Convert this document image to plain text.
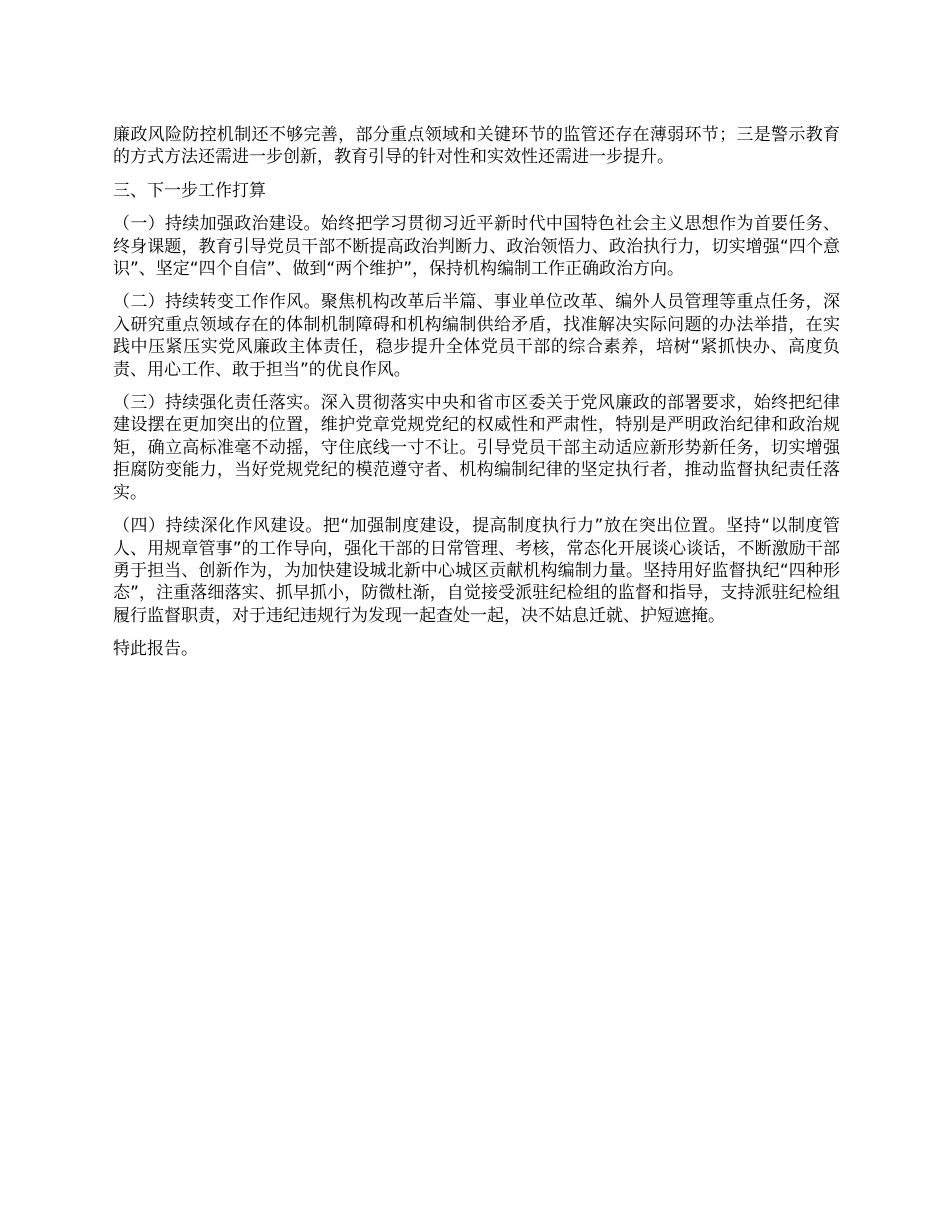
廉政风险防控机制还不够完善，部分重点领域和关键环节的监管还存在薄弱环节；三是警示教育的方式方法还需进一步创新，教育引导的针对性和实效性还需进一步提升。

三、下一步工作打算

（一）持续加强政治建设。始终把学习贯彻习近平新时代中国特色社会主义思想作为首要任务、终身课题，教育引导党员干部不断提高政治判断力、政治领悟力、政治执行力，切实增强“四个意识”、坚定“四个自信”、做到“两个维护”，保持机构编制工作正确政治方向。

（二）持续转变工作作风。聚焦机构改革后半篇、事业单位改革、编外人员管理等重点任务，深入研究重点领域存在的体制机制障碍和机构编制供给矛盾，找准解决实际问题的办法举措，在实践中压紧压实党风廉政主体责任，稳步提升全体党员干部的综合素养，培树“紧抓快办、高度负责、用心工作、敢于担当”的优良作风。

（三）持续强化责任落实。深入贯彻落实中央和省市区委关于党风廉政的部署要求，始终把纪律建设摆在更加突出的位置，维护党章党规党纪的权威性和严肃性，特别是严明政治纪律和政治规矩，确立高标准毫不动摇，守住底线一寸不让。引导党员干部主动适应新形势新任务，切实增强拒腐防变能力，当好党规党纪的模范遵守者、机构编制纪律的坚定执行者，推动监督执纪责任落实。

（四）持续深化作风建设。把“加强制度建设，提高制度执行力”放在突出位置。坚持“以制度管人、用规章管事”的工作导向，强化干部的日常管理、考核，常态化开展谈心谈话，不断激励干部勇于担当、创新作为，为加快建设城北新中心城区贡献机构编制力量。坚持用好监督执纪“四种形态”，注重落细落实、抓早抓小，防微杜渐，自觉接受派驻纪检组的监督和指导，支持派驻纪检组履行监督职责，对于违纪违规行为发现一起查处一起，决不姑息迁就、护短遮掩。

特此报告。
